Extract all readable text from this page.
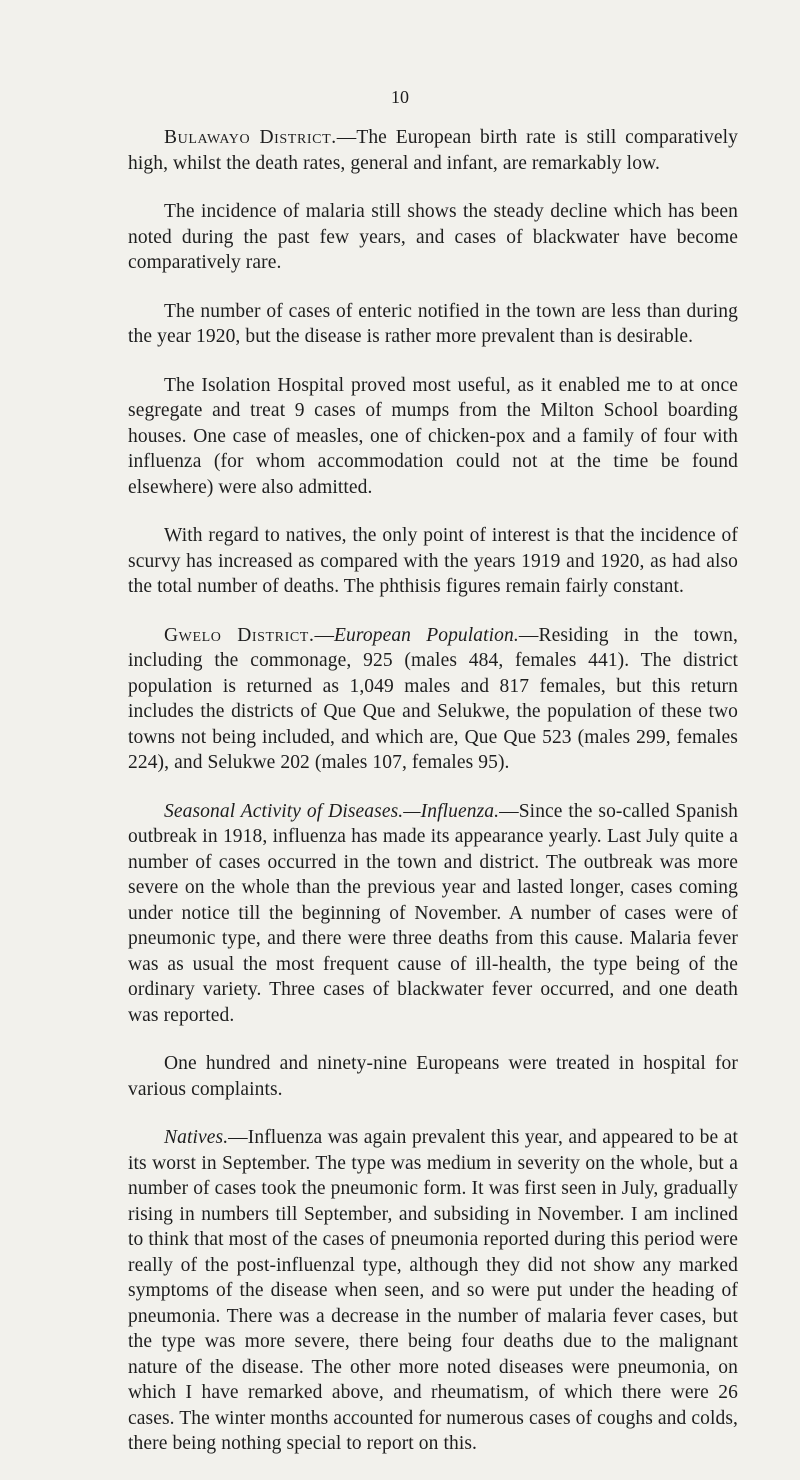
10

Bulawayo District.—The European birth rate is still comparatively high, whilst the death rates, general and infant, are remarkably low.

The incidence of malaria still shows the steady decline which has been noted during the past few years, and cases of blackwater have become comparatively rare.

The number of cases of enteric notified in the town are less than during the year 1920, but the disease is rather more prevalent than is desirable.

The Isolation Hospital proved most useful, as it enabled me to at once segregate and treat 9 cases of mumps from the Milton School boarding houses. One case of measles, one of chicken-pox and a family of four with influenza (for whom accommodation could not at the time be found elsewhere) were also admitted.

With regard to natives, the only point of interest is that the incidence of scurvy has increased as compared with the years 1919 and 1920, as had also the total number of deaths. The phthisis figures remain fairly constant.

Gwelo District.—European Population.—Residing in the town, including the commonage, 925 (males 484, females 441). The district population is returned as 1,049 males and 817 females, but this return includes the districts of Que Que and Selukwe, the population of these two towns not being included, and which are, Que Que 523 (males 299, females 224), and Selukwe 202 (males 107, females 95).

Seasonal Activity of Diseases.—Influenza.—Since the so-called Spanish outbreak in 1918, influenza has made its appearance yearly. Last July quite a number of cases occurred in the town and district. The outbreak was more severe on the whole than the previous year and lasted longer, cases coming under notice till the beginning of November. A number of cases were of pneumonic type, and there were three deaths from this cause. Malaria fever was as usual the most frequent cause of ill-health, the type being of the ordinary variety. Three cases of blackwater fever occurred, and one death was reported.

One hundred and ninety-nine Europeans were treated in hospital for various complaints.

Natives.—Influenza was again prevalent this year, and appeared to be at its worst in September. The type was medium in severity on the whole, but a number of cases took the pneumonic form. It was first seen in July, gradually rising in numbers till September, and subsiding in November. I am inclined to think that most of the cases of pneumonia reported during this period were really of the post-influenzal type, although they did not show any marked symptoms of the disease when seen, and so were put under the heading of pneumonia. There was a decrease in the number of malaria fever cases, but the type was more severe, there being four deaths due to the malignant nature of the disease. The other more noted diseases were pneumonia, on which I have remarked above, and rheumatism, of which there were 26 cases. The winter months accounted for numerous cases of coughs and colds, there being nothing special to report on this.
